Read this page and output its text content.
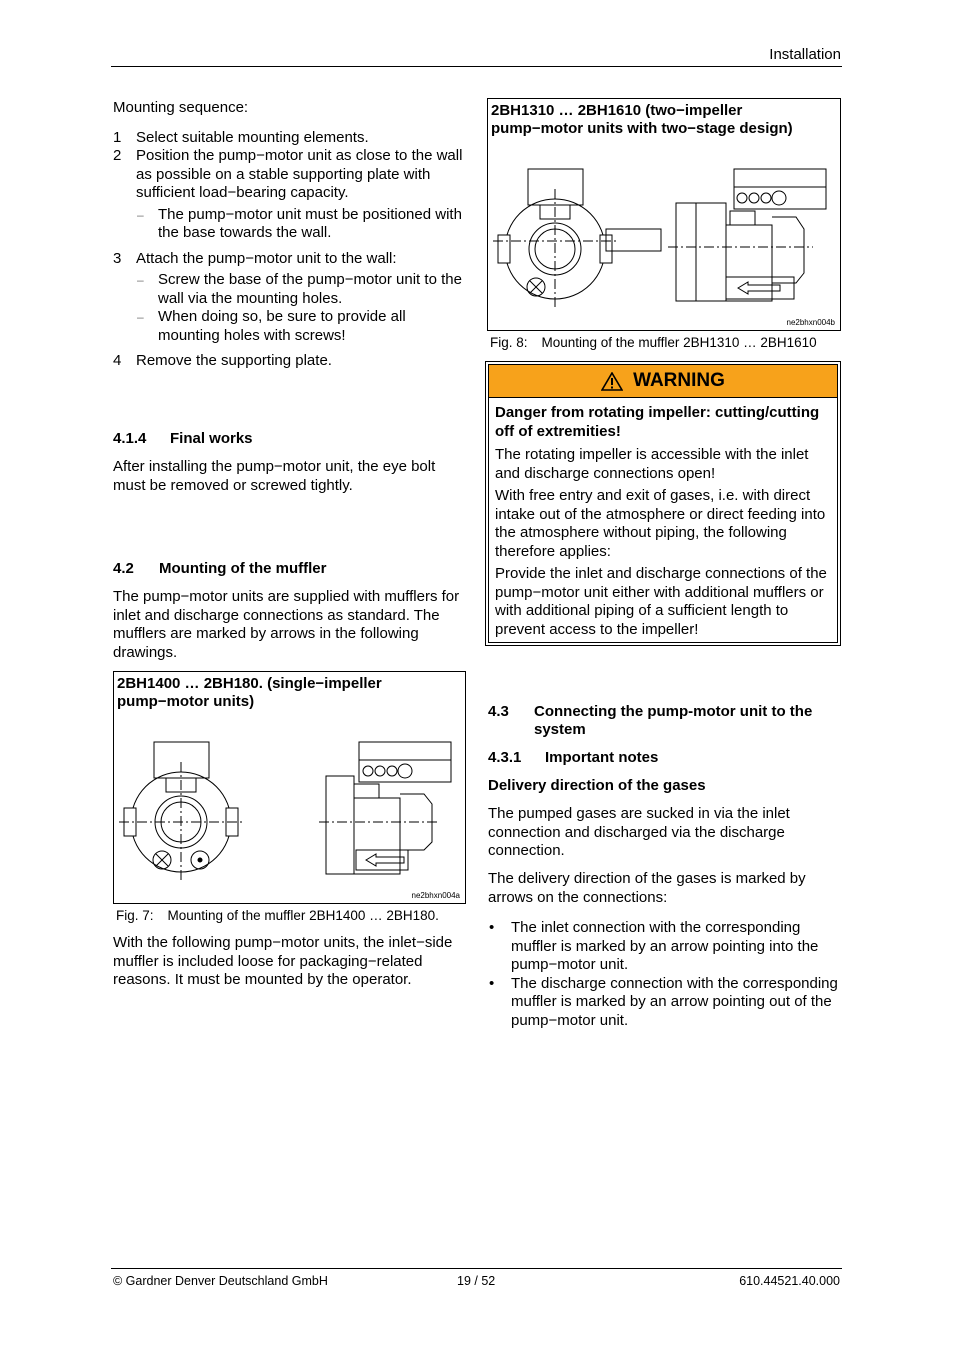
Installation

Mounting sequence:

1 Select suitable mounting elements.
2 Position the pump−motor unit as close to the wall as possible on a stable supporting plate with sufficient load−bearing capacity.
– The pump−motor unit must be positioned with the base towards the wall.
3 Attach the pump−motor unit to the wall:
– Screw the base of the pump−motor unit to the wall via the mounting holes.
– When doing so, be sure to provide all mounting holes with screws!
4 Remove the supporting plate.
4.1.4 Final works

After installing the pump−motor unit, the eye bolt must be removed or screwed tightly.

4.2 Mounting of the muffler

The pump−motor units are supplied with mufflers for inlet and discharge connections as standard. The mufflers are marked by arrows in the following drawings.

2BH1400 … 2BH180. (single−impeller pump−motor units)
ne2bhxn004a
Fig. 7: Mounting of the muffler 2BH1400 … 2BH180.

With the following pump−motor units, the inlet−side muffler is included loose for packaging−related reasons. It must be mounted by the operator.

2BH1310 … 2BH1610 (two−impeller pump−motor units with two−stage design)
ne2bhxn004b
Fig. 8: Mounting of the muffler 2BH1310 … 2BH1610
WARNING

Danger from rotating impeller: cutting/cutting off of extremities!

The rotating impeller is accessible with the inlet and discharge connections open!

With free entry and exit of gases, i.e. with direct intake out of the atmosphere or direct feeding into the atmosphere without piping, the following therefore applies:

Provide the inlet and discharge connections of the pump−motor unit either with additional mufflers or with additional piping of a sufficient length to prevent access to the impeller!

4.3 Connecting the pump-motor unit to the system
4.3.1 Important notes
Delivery direction of the gases

The pumped gases are sucked in via the inlet connection and discharged via the discharge connection.

The delivery direction of the gases is marked by arrows on the connections:

• The inlet connection with the corresponding muffler is marked by an arrow pointing into the pump−motor unit.
• The discharge connection with the corresponding muffler is marked by an arrow pointing out of the pump−motor unit.
© Gardner Denver Deutschland GmbH	19 / 52	610.44521.40.000
